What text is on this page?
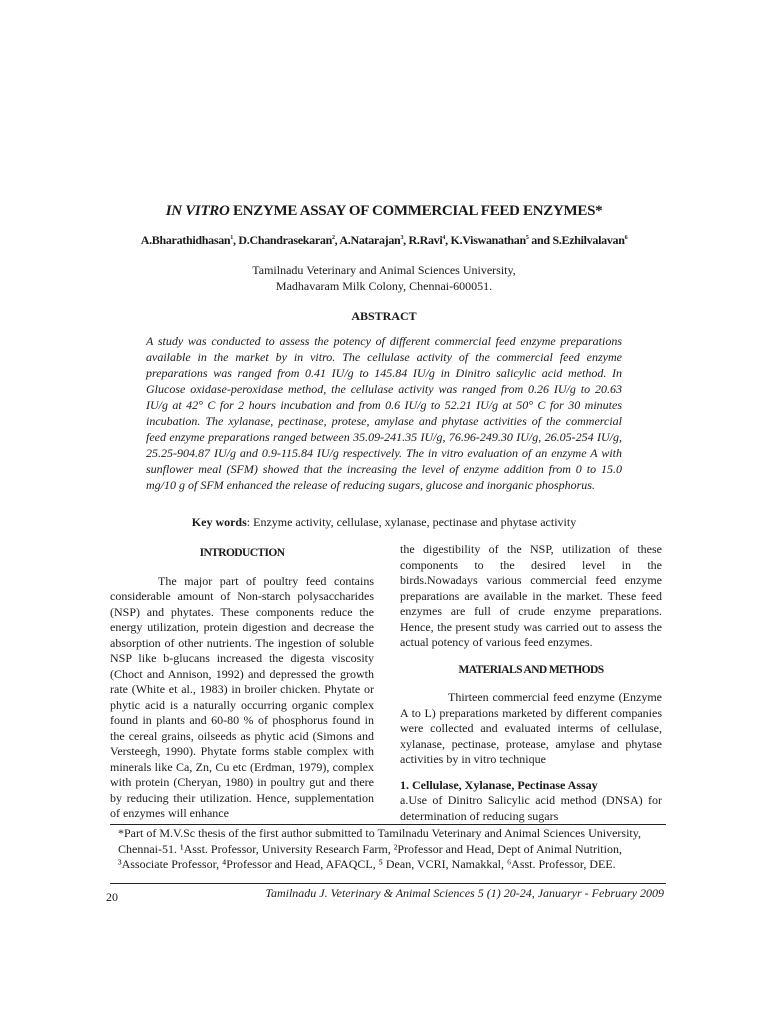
IN VITRO ENZYME ASSAY OF COMMERCIAL FEED ENZYMES*
A.Bharathidhasan$^1$, D.Chandrasekaran$^2$, A.Natarajan$^3$, R.Ravi$^4$, K.Viswanathan$^5$ and S.Ezhilvalavan$^6$
Tamilnadu Veterinary and Animal Sciences University,
Madhavaram Milk Colony, Chennai-600051.
ABSTRACT
A study was conducted to assess the potency of different commercial feed enzyme preparations available in the market by in vitro. The cellulase activity of the commercial feed enzyme preparations was ranged from 0.41 IU/g to 145.84 IU/g in Dinitro salicylic acid method. In Glucose oxidase-peroxidase method, the cellulase activity was ranged from 0.26 IU/g to 20.63 IU/g at 42° C for 2 hours incubation and from 0.6 IU/g to 52.21 IU/g at 50° C for 30 minutes incubation. The xylanase, pectinase, protese, amylase and phytase activities of the commercial feed enzyme preparations ranged between 35.09-241.35 IU/g, 76.96-249.30 IU/g, 26.05-254 IU/g, 25.25-904.87 IU/g and 0.9-115.84 IU/g respectively. The in vitro evaluation of an enzyme A with sunflower meal (SFM) showed that the increasing the level of enzyme addition from 0 to 15.0 mg/10 g of SFM enhanced the release of reducing sugars, glucose and inorganic phosphorus.
Key words: Enzyme activity, cellulase, xylanase, pectinase and phytase activity
INTRODUCTION

The major part of poultry feed contains considerable amount of Non-starch polysaccharides (NSP) and phytates. These components reduce the energy utilization, protein digestion and decrease the absorption of other nutrients. The ingestion of soluble NSP like b-glucans increased the digesta viscosity (Choct and Annison, 1992) and depressed the growth rate (White et al., 1983) in broiler chicken. Phytate or phytic acid is a naturally occurring organic complex found in plants and 60-80 % of phosphorus found in the cereal grains, oilseeds as phytic acid (Simons and Versteegh, 1990). Phytate forms stable complex with minerals like Ca, Zn, Cu etc (Erdman, 1979), complex with protein (Cheryan, 1980) in poultry gut and there by reducing their utilization. Hence, supplementation of enzymes will enhance

the digestibility of the NSP, utilization of these components to the desired level in the birds.Nowadays various commercial feed enzyme preparations are available in the market. These feed enzymes are full of crude enzyme preparations. Hence, the present study was carried out to assess the actual potency of various feed enzymes.

MATERIALS AND METHODS

Thirteen commercial feed enzyme (Enzyme A to L) preparations marketed by different companies were collected and evaluated interms of cellulase, xylanase, pectinase, protease, amylase and phytase activities by in vitro technique

1. Cellulase, Xylanase, Pectinase Assay

a.Use of Dinitro Salicylic acid method (DNSA) for determination of reducing sugars

*Part of M.V.Sc thesis of the first author submitted to Tamilnadu Veterinary and Animal Sciences University, Chennai-51. ¹Asst. Professor, University Research Farm, ²Professor and Head, Dept of Animal Nutrition, ³Associate Professor, ⁴Professor and Head, AFAQCL, ⁵ Dean, VCRI, Namakkal, ⁶Asst. Professor, DEE.
20	Tamilnadu J. Veterinary & Animal Sciences 5 (1) 20-24, Januaryr - February 2009
